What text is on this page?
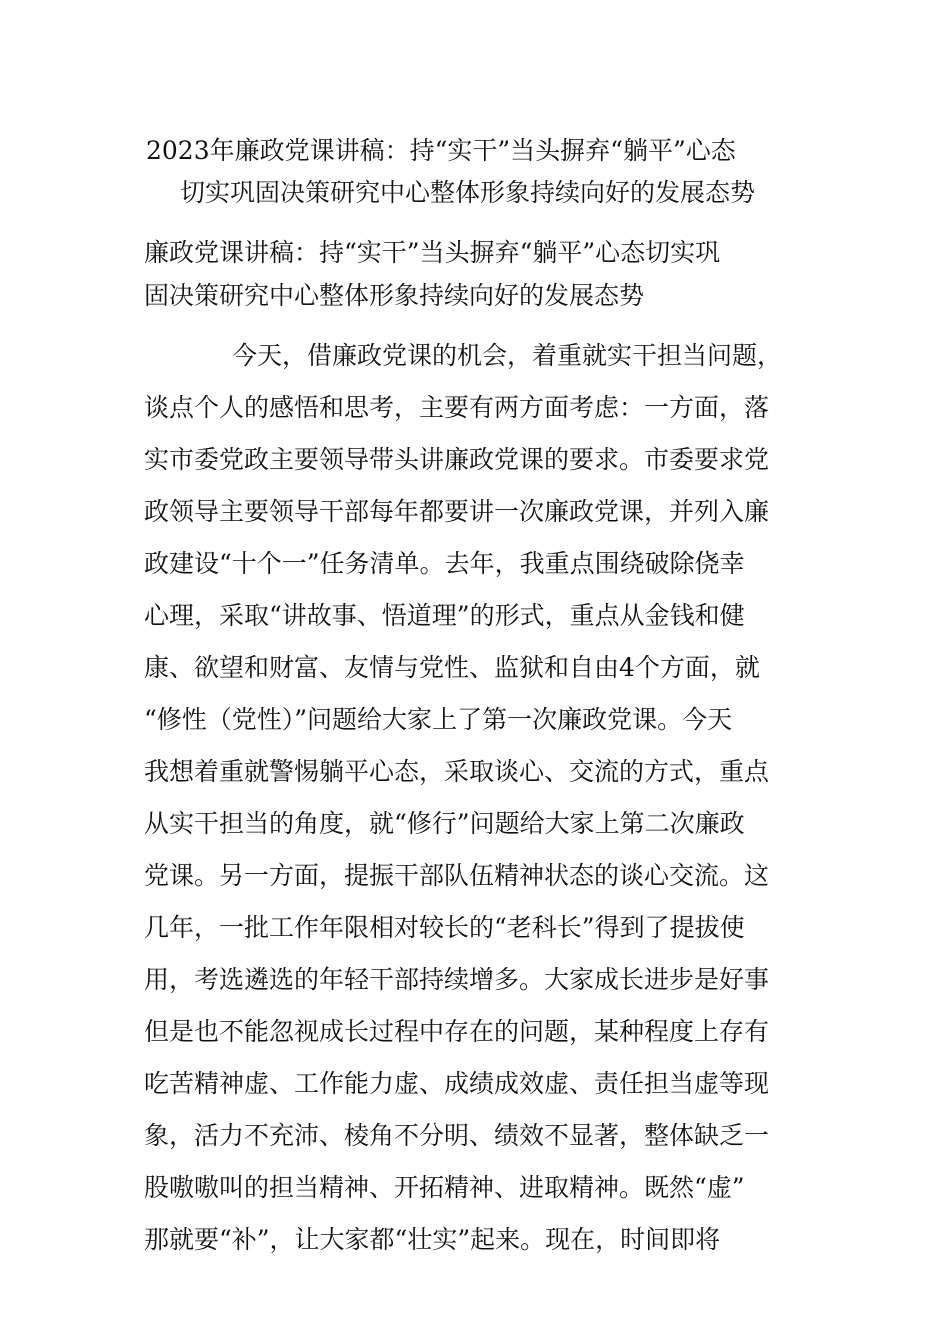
2023年廉政党课讲稿：持“实干”当头摒弃“躺平”心态
切实巩固决策研究中心整体形象持续向好的发展态势
廉政党课讲稿：持“实干”当头摒弃“躺平”心态切实巩
固决策研究中心整体形象持续向好的发展态势
今天，借廉政党课的机会，着重就实干担当问题，
谈点个人的感悟和思考，主要有两方面考虑：一方面，落
实市委党政主要领导带头讲廉政党课的要求。市委要求党
政领导主要领导干部每年都要讲一次廉政党课，并列入廉
政建设“十个一”任务清单。去年，我重点围绕破除侥幸
心理，采取“讲故事、悟道理”的形式，重点从金钱和健
康、欲望和财富、友情与党性、监狱和自由4个方面，就
“修性（党性）”问题给大家上了第一次廉政党课。今天
我想着重就警惕躺平心态，采取谈心、交流的方式，重点
从实干担当的角度，就“修行”问题给大家上第二次廉政
党课。另一方面，提振干部队伍精神状态的谈心交流。这
几年，一批工作年限相对较长的“老科长”得到了提拔使
用，考选遴选的年轻干部持续增多。大家成长进步是好事
但是也不能忽视成长过程中存在的问题，某种程度上存有
吃苦精神虚、工作能力虚、成绩成效虚、责任担当虚等现
象，活力不充沛、棱角不分明、绩效不显著，整体缺乏一
股嗷嗷叫的担当精神、开拓精神、进取精神。既然“虚”
那就要“补”，让大家都“壮实”起来。现在，时间即将
